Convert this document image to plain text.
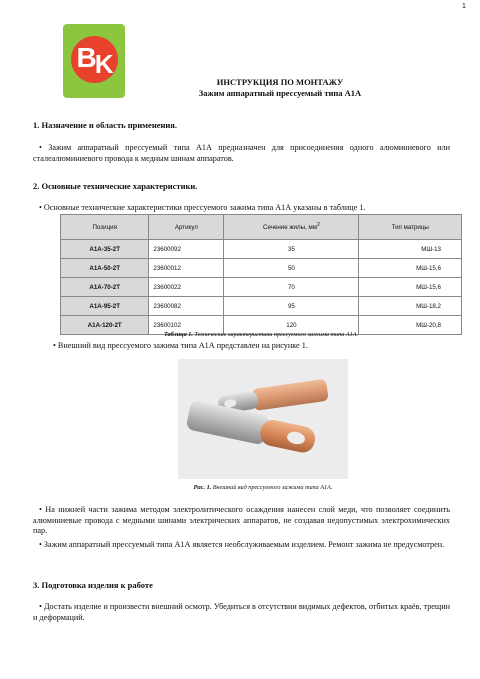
1
BK
ИНСТРУКЦИЯ ПО МОНТАЖУ
Зажим аппаратный прессуемый типа А1А
1. Назначение и область применения.
• Зажим аппаратный прессуемый типа А1А предназначен для присоединения одного алюминиевого или сталеалюминиевого провода к медным шинам аппаратов.
2. Основные технические характеристики.
• Основные технические характеристики прессуемого зажима типа А1А указаны в таблице 1.
Позиция	Артикул	Сечение жилы, $мм^2$	Тип матрицы
А1А-35-2Т	23600092	35	МШ-13
А1А-50-2Т	23600012	50	МШ-15,6
А1А-70-2Т	23600022	70	МШ-15,6
А1А-95-2Т	23600082	95	МШ-18,2
А1А-120-2Т	23600102	120	МШ-20,8
Таблица 1. Технические характеристики прессуемого зажима типа А1А.
• Внешний вид прессуемого зажима типа А1А представлен на рисунке 1.
Рис. 1. Внешний вид прессуемого зажима типа А1А.
• На нижней части зажима методом электролитического осаждения нанесен слой меди, что позволяет соединить алюминиевые провода с медными шинами электрических аппаратов, не создавая недопустимых электрохимических пар.
• Зажим аппаратный прессуемый типа А1А является необслуживаемым изделием. Ремонт зажима не предусмотрен.
3. Подготовка изделия к работе
• Достать изделие и произвести внешний осмотр. Убедиться в отсутствии видимых дефектов, отбитых краёв, трещин и деформаций.
